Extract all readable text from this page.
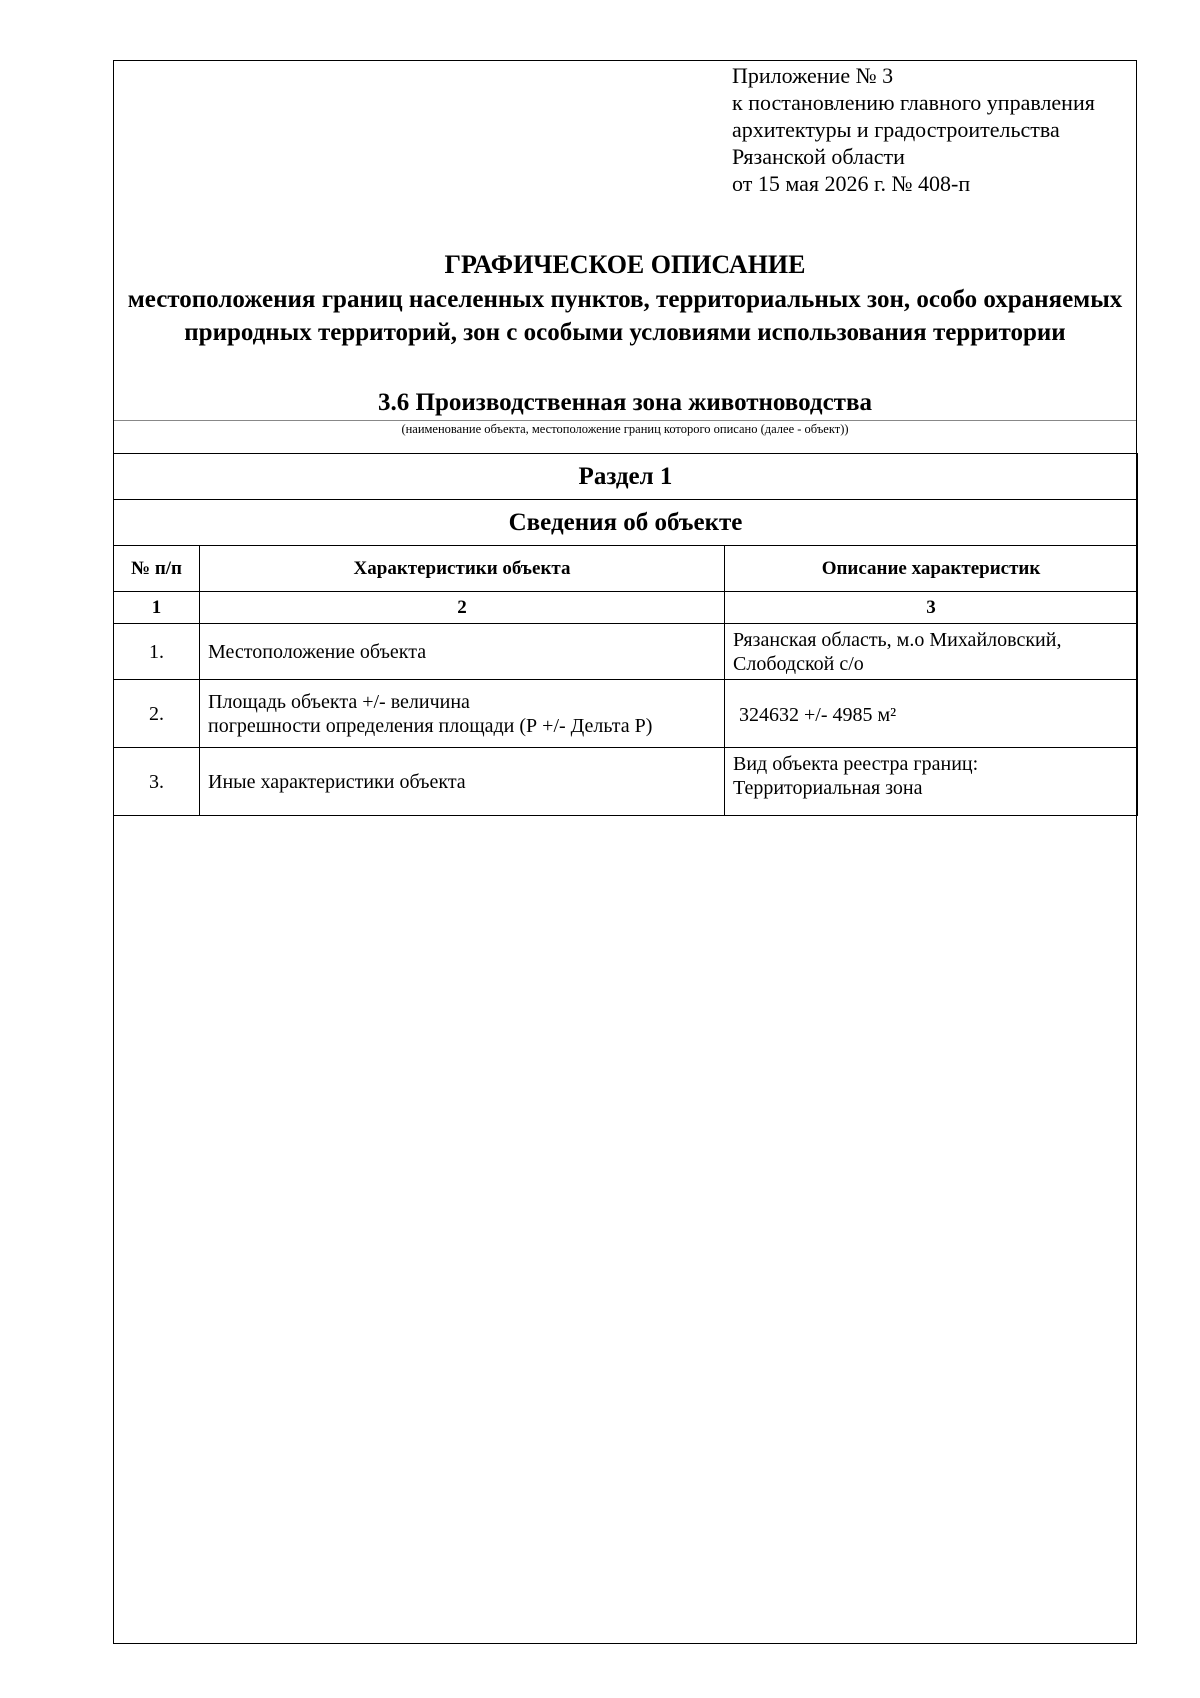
Приложение № 3
к постановлению главного управления
архитектуры и градостроительства
Рязанской области
от 15 мая 2026 г. № 408-п
ГРАФИЧЕСКОЕ ОПИСАНИЕ
местоположения границ населенных пунктов, территориальных зон, особо охраняемых природных территорий, зон с особыми условиями использования территории
3.6 Производственная зона животноводства
(наименование объекта, местоположение границ которого описано (далее - объект))
Раздел 1		
Сведения об объекте		
№ п/п	Характеристики объекта	Описание характеристик
1	2	3
1.	Местоположение объекта	Рязанская область, м.о Михайловский,
Слободской с/о

2.	Площадь объекта +/- величина
погрешности определения площади (Р +/- Дельта Р)	324632 +/- 4985 м²
3.	Иные характеристики объекта	Вид объекта реестра границ:
Территориальная зона
